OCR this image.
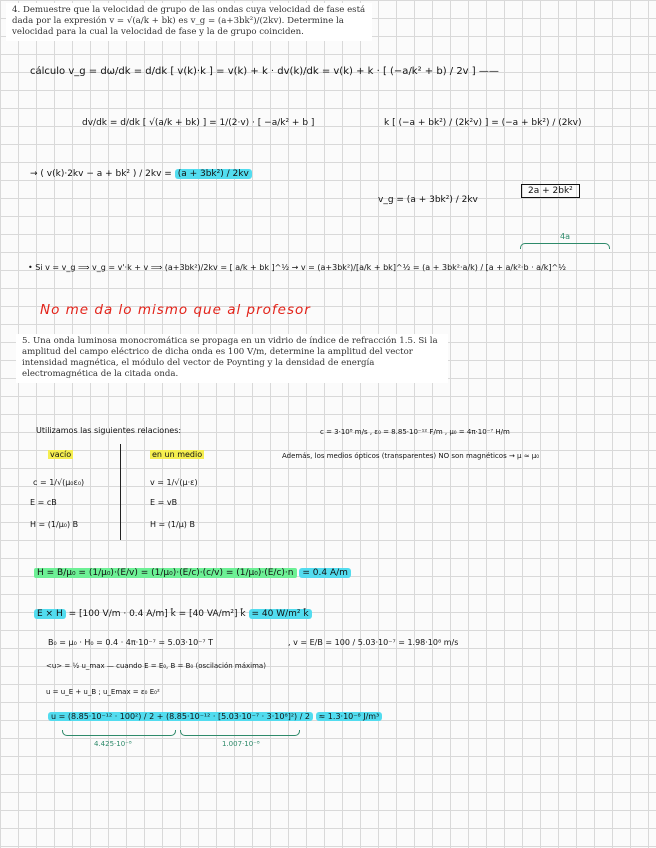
4. Demuestre que la velocidad de grupo de las ondas cuya velocidad de fase está dada por la expresión v = √(a/k + bk) es v_g = (a+3bk²)/(2kv). Determine la velocidad para la cual la velocidad de fase y la de grupo coinciden.
cálculo v_g = dω/dk = d/dk [ v(k)·k ] = v(k) + k · dv(k)/dk = v(k) + k · [ (−a/k² + b) / 2v ] ——
dv/dk = d/dk [ √(a/k + bk) ] = 1/(2·v) · [ −a/k² + b ]	k [ (−a + bk²) / (2k²v) ] = (−a + bk²) / (2kv)
→ ( v(k)·2kv − a + bk² ) / 2kv = (a + 3bk²) / 2kv
v_g = (a + 3bk²) / 2kv
2a + 2bk²
4a
• Si v = v_g ⟹ v_g = v'·k + v ⟹ (a+3bk²)/2kv = [ a/k + bk ]^½ → v = (a+3bk²)/[a/k + bk]^½ = (a + 3bk²·a/k) / [a + a/k²·b · a/k]^½
No me da lo mismo que al profesor
5. Una onda luminosa monocromática se propaga en un vidrio de índice de refracción 1.5. Si la amplitud del campo eléctrico de dicha onda es 100 V/m, determine la amplitud del vector intensidad magnética, el módulo del vector de Poynting y la densidad de energía electromagnética de la citada onda.
Utilizamos las siguientes relaciones:	c = 3·10⁸ m/s , ε₀ = 8.85·10⁻¹² F/m , μ₀ = 4π·10⁻⁷ H/m
vacío	en un medio	Además, los medios ópticos (transparentes) NO son magnéticos → μ ≈ μ₀
c = 1/√(μ₀ε₀)	v = 1/√(μ·ε)
E = cB	E = vB
H = (1/μ₀) B	H = (1/μ) B
H = B/μ₀ = (1/μ₀)·(E/v) = (1/μ₀)·(E/c)·(c/v) = (1/μ₀)·(E/c)·n = 0.4 A/m
E × H = [100 V/m · 0.4 A/m] k̂ = [40 VA/m²] k̂ = 40 W/m² k̂
B₀ = μ₀ · H₀ = 0.4 · 4π·10⁻⁷ = 5.03·10⁻⁷ T	, v = E/B = 100 / 5.03·10⁻⁷ = 1.98·10⁸ m/s
<u> = ½ u_max — cuando E = E₀, B = B₀ (oscilación máxima)
u = u_E + u_B ; u_Emax = ε₀ E₀²
u = (8.85·10⁻¹² · 100²) / 2 + (8.85·10⁻¹² · [5.03·10⁻⁷ · 3·10⁸]²) / 2 ≈ 1.3·10⁻⁸ J/m³
4.425·10⁻⁸	1.007·10⁻⁸
